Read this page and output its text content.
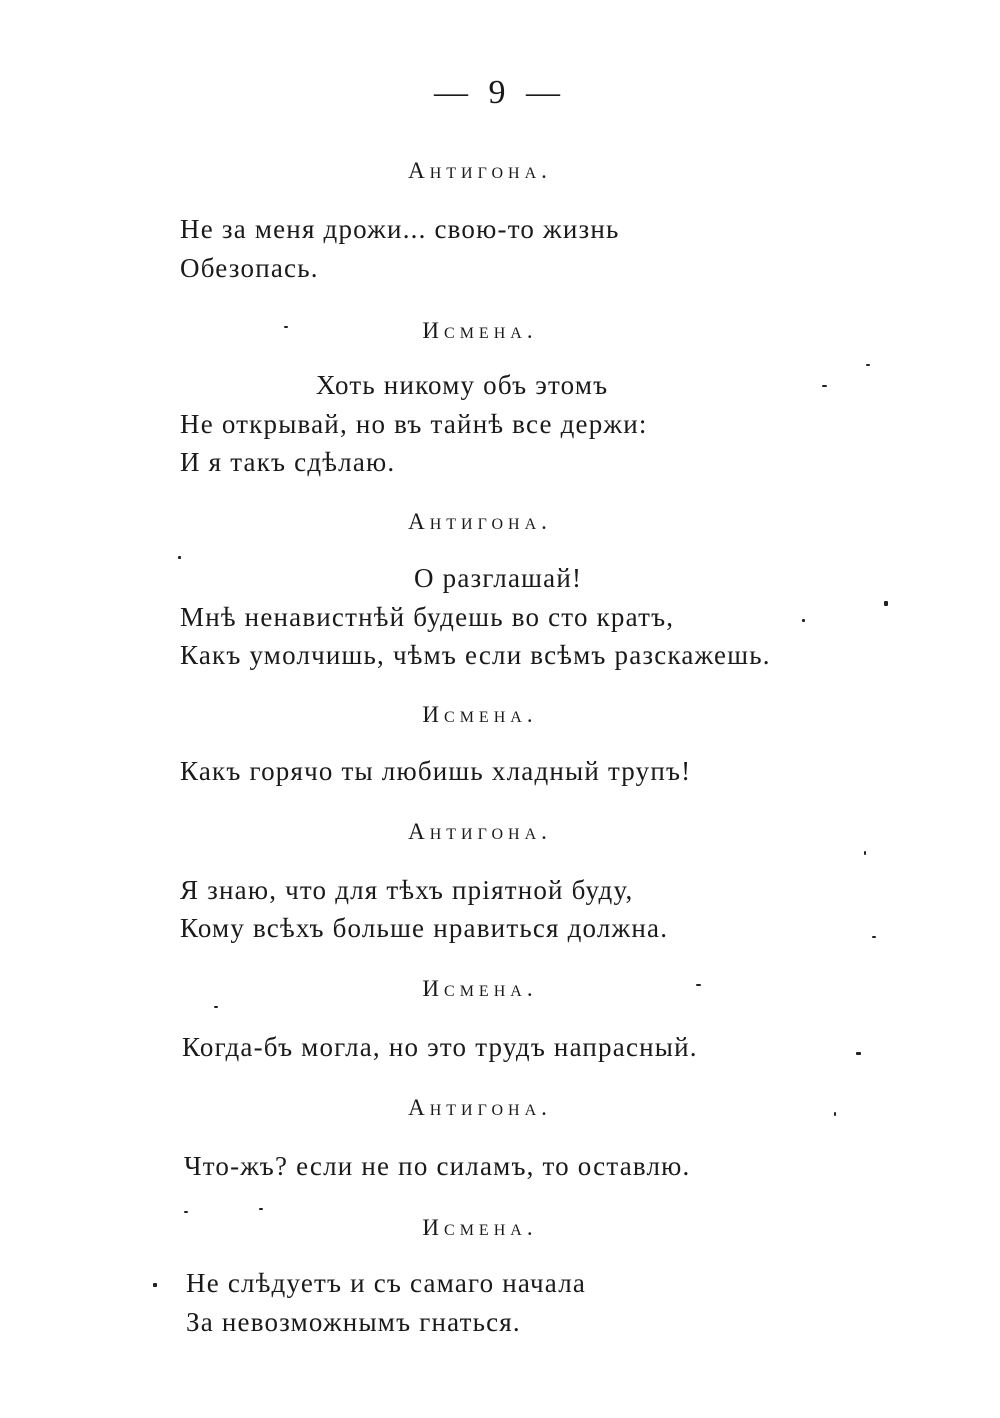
— 9 —
Антигона.
Не за меня дрожи... свою-то жизнь
Обезопась.
Исмена.
Хоть никому объ этомъ
Не открывай, но въ тайнѣ все держи:
И я такъ сдѣлаю.
Антигона.
О разглашай!
Мнѣ ненавистнѣй будешь во сто кратъ,
Какъ умолчишь, чѣмъ если всѣмъ разскажешь.
Исмена.
Какъ горячо ты любишь хладный трупъ!
Антигона.
Я знаю, что для тѣхъ пріятной буду,
Кому всѣхъ больше нравиться должна.
Исмена.
Когда-бъ могла, но это трудъ напрасный.
Антигона.
Что-жъ? если не по силамъ, то оставлю.
Исмена.
Не слѣдуетъ и съ самаго начала
За невозможнымъ гнаться.
